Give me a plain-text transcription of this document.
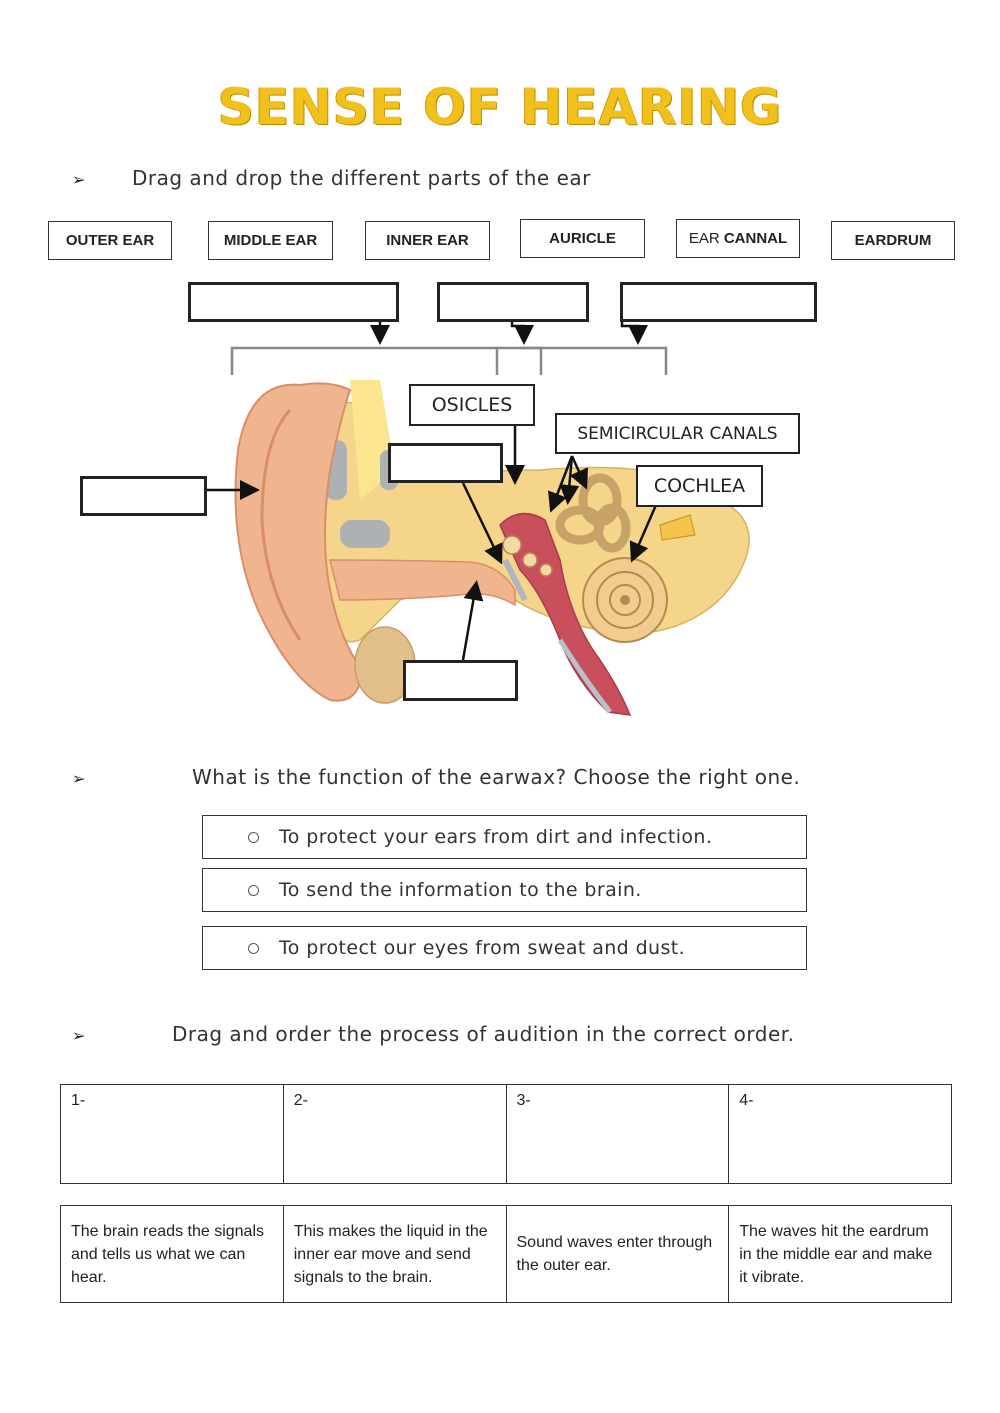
SENSE OF HEARING
➢ Drag and drop the different parts of the ear
OUTER EAR	MIDDLE EAR	INNER EAR	AURICLE	EAR
CANNAL	EARDRUM
OSICLES
SEMICIRCULAR CANALS
COCHLEA
➢	What is the function of the earwax? Choose the right one.
To protect your ears from dirt and infection.
To send the information to the brain.
To protect our eyes from sweat and dust.
➢	Drag and order the process of audition in the correct order.
1-	2-	3-	4-
The brain reads the signals and tells us what we can hear.	This makes the liquid in the inner ear move and send signals to the brain.	Sound waves enter through the outer ear.	The waves hit the eardrum in the middle ear and make it vibrate.
